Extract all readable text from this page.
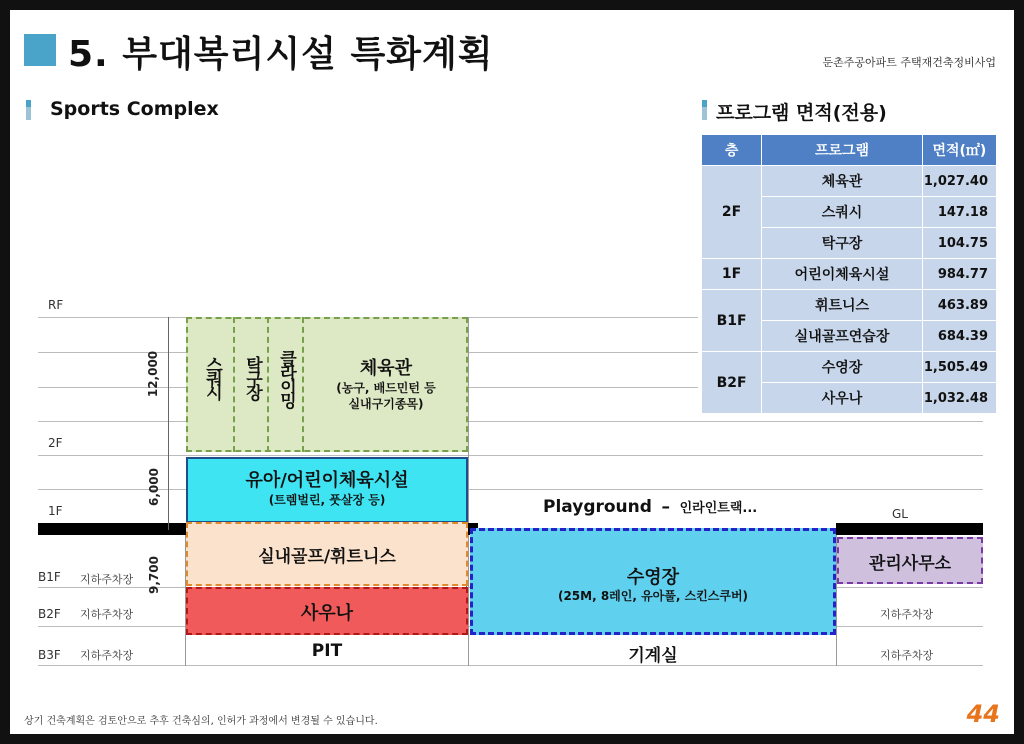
5. 부대복리시설 특화계획	둔촌주공아파트 주택재건축정비사업
Sports Complex	프로그램 면적(전용)
층	프로그램	면적(㎡)
2F	체육관	1,027.40
	스쿼시	147.18
	탁구장	104.75
1F	어린이체육시설	984.77
B1F	휘트니스	463.89
	실내골프연습장	684.39
B2F	수영장	1,505.49
	사우나	1,032.48
RF
2F
1F
B1F
B2F
B3F
GL
지하주차장
지하주차장
지하주차장
지하주차장
지하주차장
12,000
6,000
9,700
스쿼시 탁구장 클라이밍	체육관
(농구, 배드민턴 등
실내구기종목)
유아/어린이체육시설
(트렘벌린, 풋살장 등)	Playground – 인라인트랙...
실내골프/휘트니스
사우나
수영장
(25M, 8레인, 유아풀, 스킨스쿠버)
관리사무소
PIT	기계실
상기 건축계획은 검토안으로 추후 건축심의, 인허가 과정에서 변경될 수 있습니다.	44
